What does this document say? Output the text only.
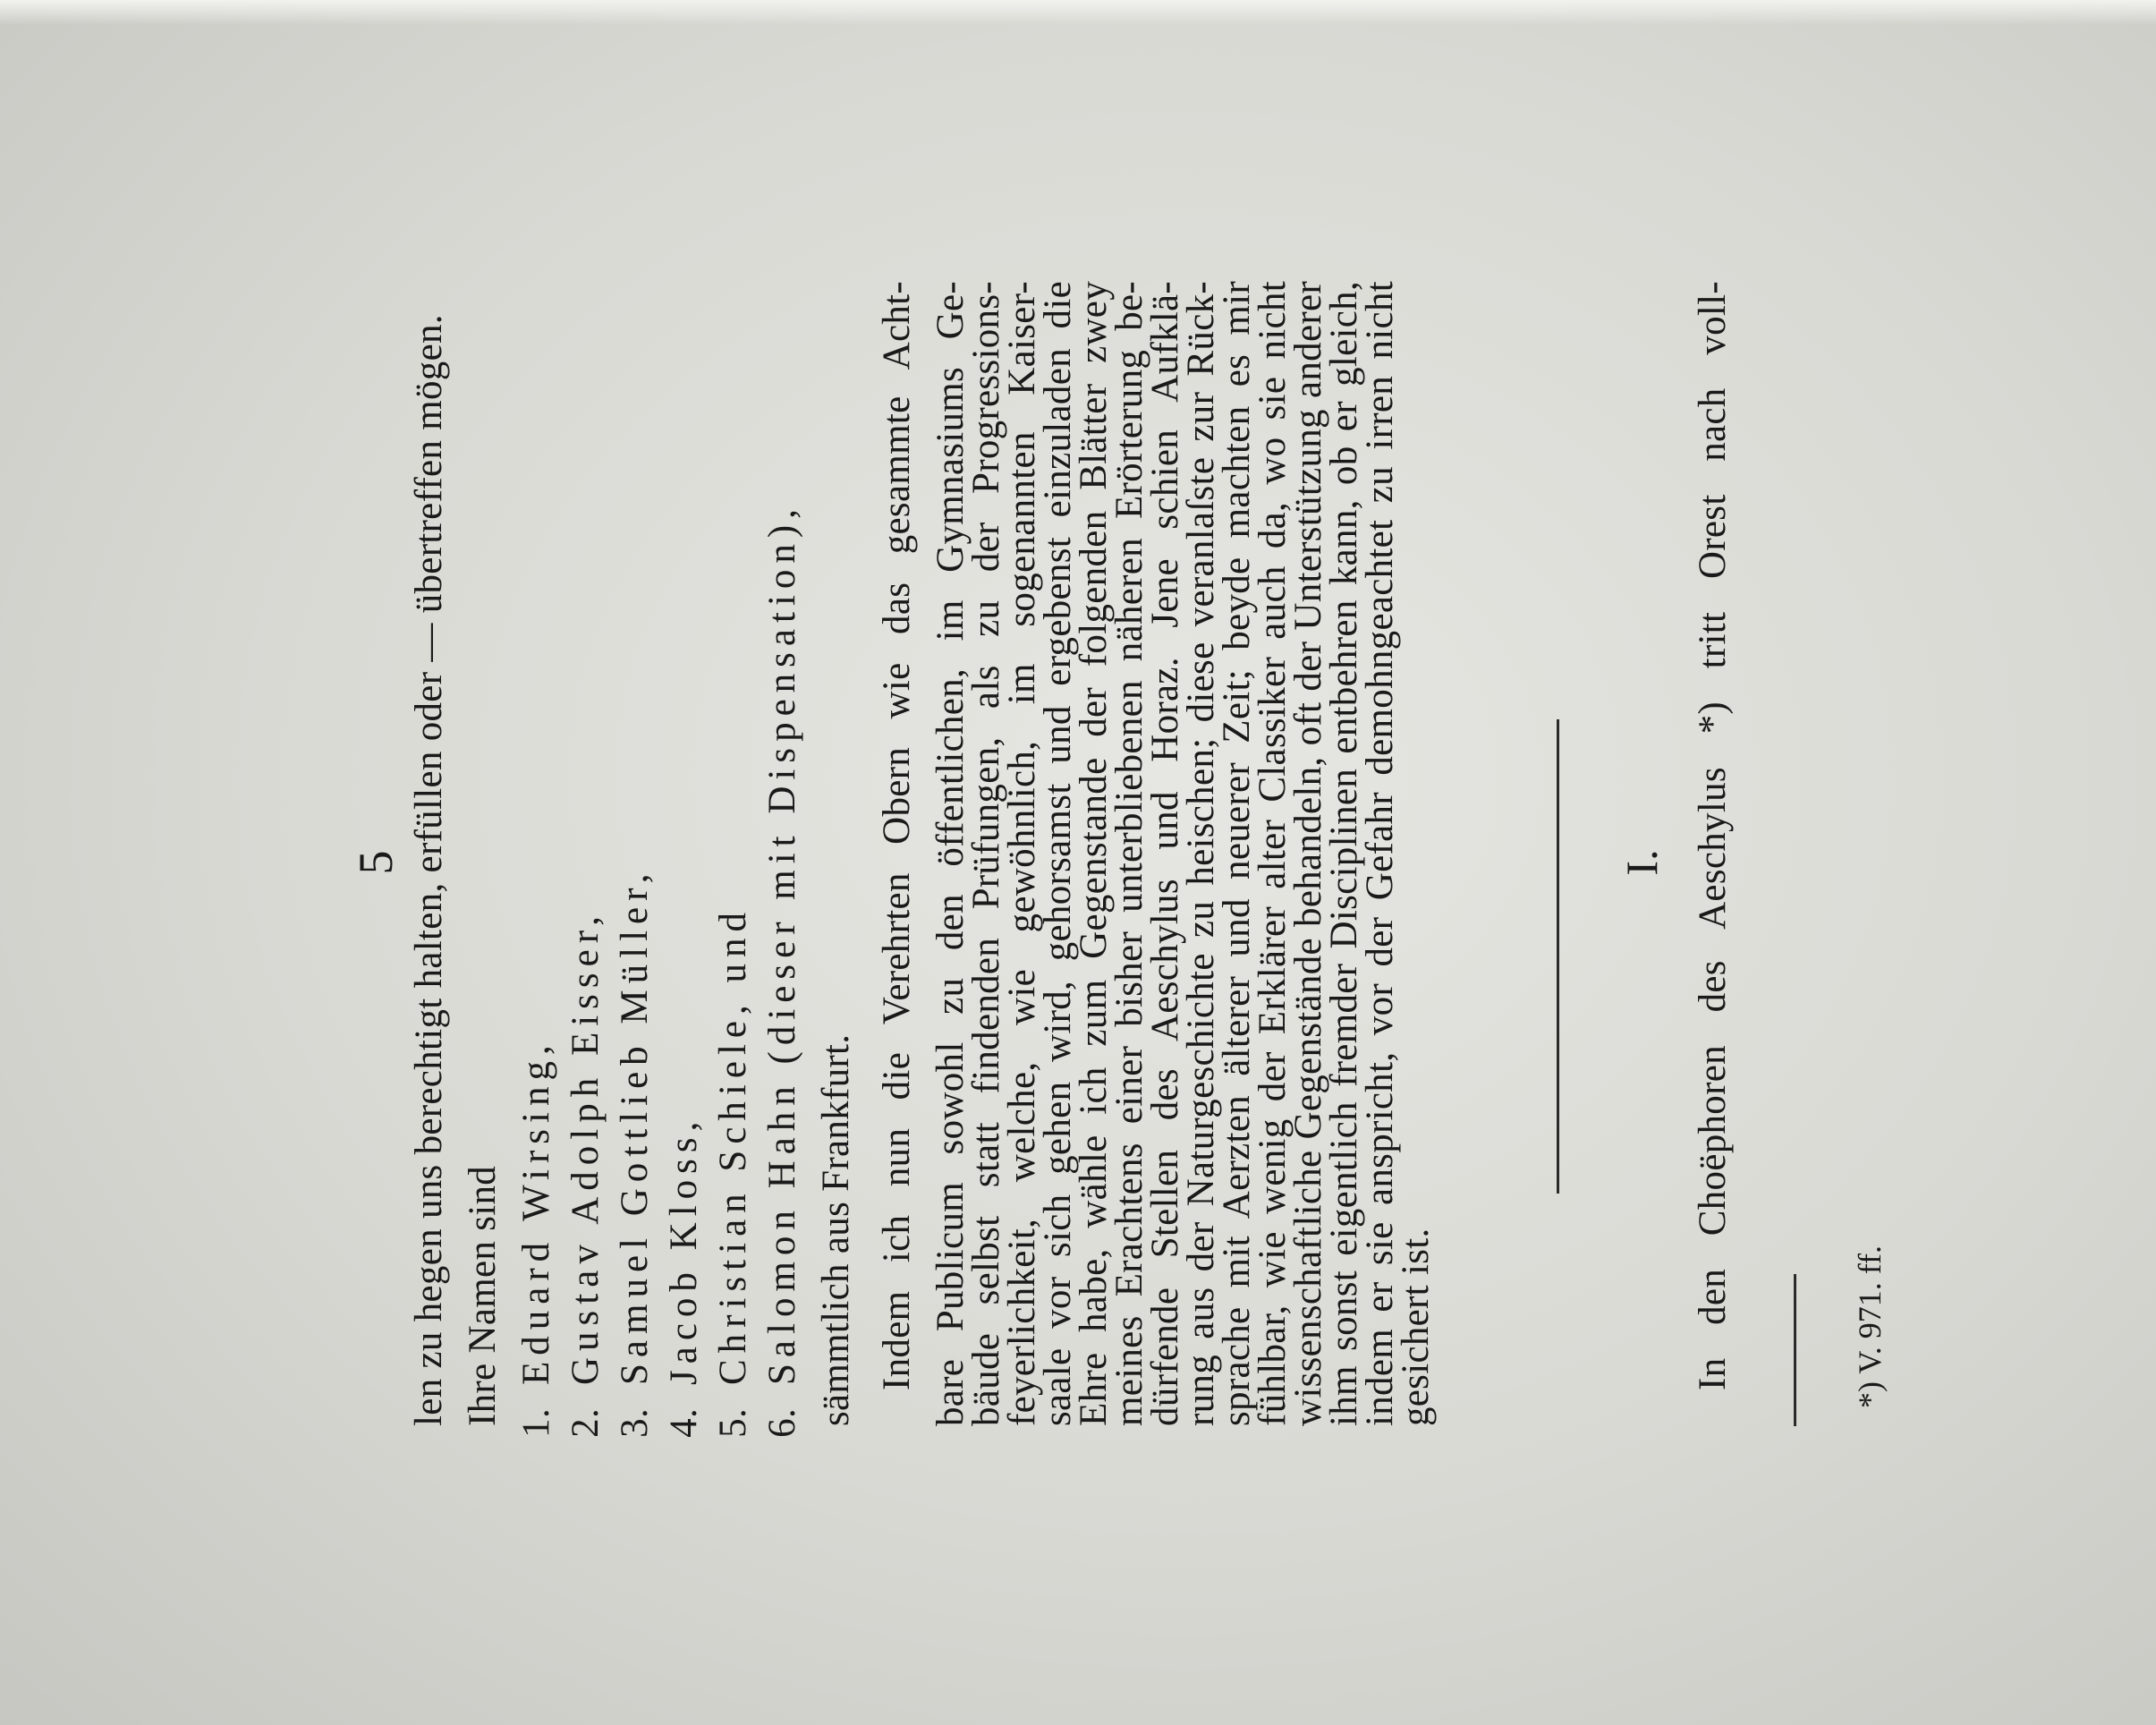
5 len zu hegen uns berechtigt halten, erfüllen oder — übertreffen mögen. Ihre Namen sind 1.Eduard Wirsing,
2.Gustav Adolph Eisser,
3.Samuel Gottlieb Müller,
4.Jacob Kloss,
5.Christian Schiele, und
6.Salomon Hahn (dieser mit Dispensation), sämmtlich aus Frankfurt. Indem ich nun die Verehrten Obern wie das gesammte Acht- bare Publicum sowohl zu den öffentlichen, im Gymnasiums Ge-
bäude selbst statt findenden Prüfungen, als zu der Progressions-
feyerlichkeit, welche, wie gewöhnlich, im sogenannten Kaiser-
saale vor sich gehen wird, gehorsamst und ergebenst einzuladen die
Ehre habe, wähle ich zum Gegenstande der folgenden Blätter zwey
meines Erachtens einer bisher unterbliebenen näheren Erörterung be-
dürfende Stellen des Aeschylus und Horaz. Jene schien Aufklä-
rung aus der Naturgeschichte zu heischen; diese veranlaſste zur Rück-
sprache mit Aerzten älterer und neuerer Zeit; beyde machten es mir
fühlbar, wie wenig der Erklärer alter Classiker auch da, wo sie nicht
wissenschaftliche Gegenstände behandeln, oft der Unterstützung anderer
ihm sonst eigentlich fremder Disciplinen entbehren kann, ob er gleich,
indem er sie anspricht, vor der Gefahr demohngeachtet zu irren nicht
gesichert ist.
I. In den Choëphoren des Aeschylus *) tritt Orest nach voll-	*) V. 971. ff.
